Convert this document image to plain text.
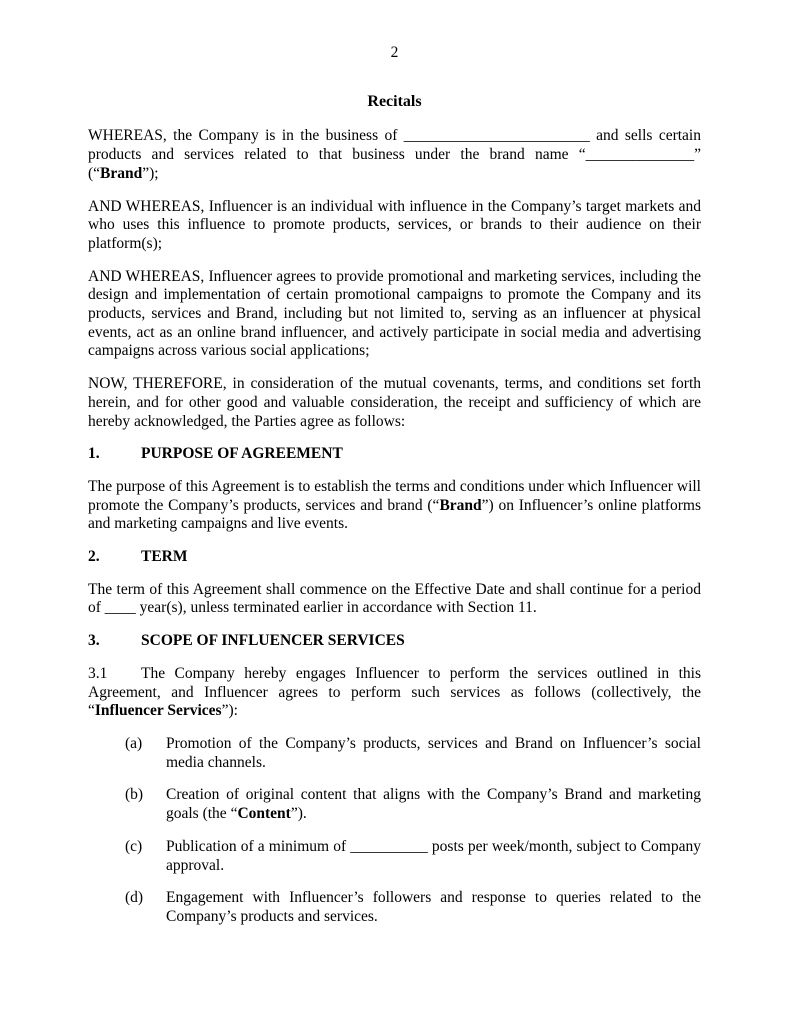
2
Recitals

WHEREAS, the Company is in the business of ________________________ and sells certain products and services related to that business under the brand name “______________” (“Brand”);

AND WHEREAS, Influencer is an individual with influence in the Company’s target markets and who uses this influence to promote products, services, or brands to their audience on their platform(s);

AND WHEREAS, Influencer agrees to provide promotional and marketing services, including the design and implementation of certain promotional campaigns to promote the Company and its products, services and Brand, including but not limited to, serving as an influencer at physical events, act as an online brand influencer, and actively participate in social media and advertising campaigns across various social applications;

NOW, THEREFORE, in consideration of the mutual covenants, terms, and conditions set forth herein, and for other good and valuable consideration, the receipt and sufficiency of which are hereby acknowledged, the Parties agree as follows:

1.	PURPOSE OF AGREEMENT

The purpose of this Agreement is to establish the terms and conditions under which Influencer will promote the Company’s products, services and brand (“Brand”) on Influencer’s online platforms and marketing campaigns and live events.

2.	TERM

The term of this Agreement shall commence on the Effective Date and shall continue for a period of ____ year(s), unless terminated earlier in accordance with Section 11.

3.	SCOPE OF INFLUENCER SERVICES

3.1 The Company hereby engages Influencer to perform the services outlined in this Agreement, and Influencer agrees to perform such services as follows (collectively, the “Influencer Services”):

(a)	Promotion of the Company’s products, services and Brand on Influencer’s social media channels.

(b)	Creation of original content that aligns with the Company’s Brand and marketing goals (the “Content”).

(c)	Publication of a minimum of __________ posts per week/month, subject to Company approval.

(d)	Engagement with Influencer’s followers and response to queries related to the Company’s products and services.
